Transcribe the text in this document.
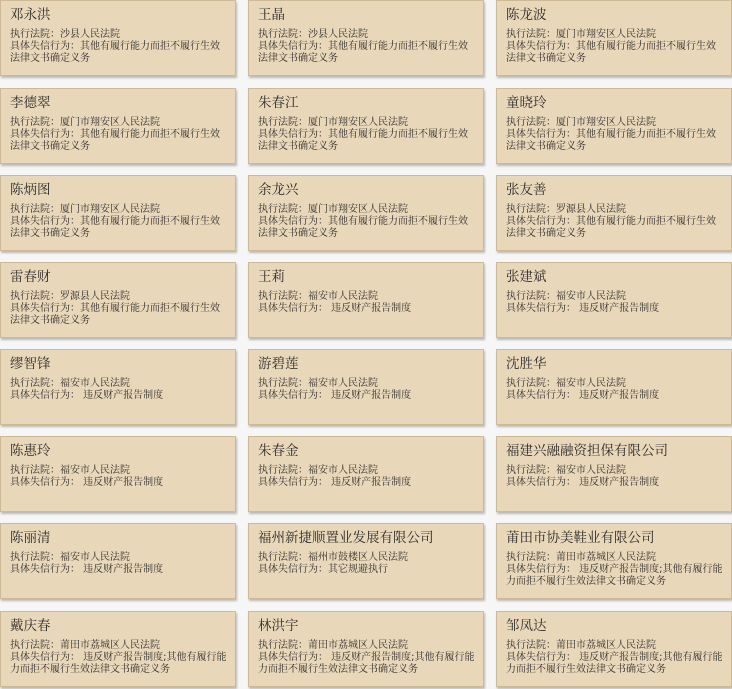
邓永洪
执行法院：沙县人民法院
具体失信行为：其他有履行能力而拒不履行生效法律文书确定义务
王晶
执行法院：沙县人民法院
具体失信行为：其他有履行能力而拒不履行生效法律文书确定义务
陈龙波
执行法院：厦门市翔安区人民法院
具体失信行为：其他有履行能力而拒不履行生效法律文书确定义务
李德翠
执行法院：厦门市翔安区人民法院
具体失信行为：其他有履行能力而拒不履行生效法律文书确定义务
朱春江
执行法院：厦门市翔安区人民法院
具体失信行为：其他有履行能力而拒不履行生效法律文书确定义务
童晓玲
执行法院：厦门市翔安区人民法院
具体失信行为：其他有履行能力而拒不履行生效法律文书确定义务
陈炳图
执行法院：厦门市翔安区人民法院
具体失信行为：其他有履行能力而拒不履行生效法律文书确定义务
余龙兴
执行法院：厦门市翔安区人民法院
具体失信行为：其他有履行能力而拒不履行生效法律文书确定义务
张友善
执行法院：罗源县人民法院
具体失信行为：其他有履行能力而拒不履行生效法律文书确定义务
雷春财
执行法院：罗源县人民法院
具体失信行为：其他有履行能力而拒不履行生效法律文书确定义务
王莉
执行法院：福安市人民法院
具体失信行为： 违反财产报告制度
张建斌
执行法院：福安市人民法院
具体失信行为： 违反财产报告制度
缪智锋
执行法院：福安市人民法院
具体失信行为： 违反财产报告制度
游碧莲
执行法院：福安市人民法院
具体失信行为： 违反财产报告制度
沈胜华
执行法院：福安市人民法院
具体失信行为： 违反财产报告制度
陈惠玲
执行法院：福安市人民法院
具体失信行为： 违反财产报告制度
朱春金
执行法院：福安市人民法院
具体失信行为： 违反财产报告制度
福建兴融融资担保有限公司
执行法院：福安市人民法院
具体失信行为： 违反财产报告制度
陈丽清
执行法院：福安市人民法院
具体失信行为： 违反财产报告制度
福州新捷顺置业发展有限公司
执行法院：福州市鼓楼区人民法院
具体失信行为：其它规避执行
莆田市协美鞋业有限公司
执行法院：莆田市荔城区人民法院
具体失信行为： 违反财产报告制度;其他有履行能力而拒不履行生效法律文书确定义务
戴庆春
执行法院：莆田市荔城区人民法院
具体失信行为： 违反财产报告制度;其他有履行能力而拒不履行生效法律文书确定义务
林洪宇
执行法院：莆田市荔城区人民法院
具体失信行为： 违反财产报告制度;其他有履行能力而拒不履行生效法律文书确定义务
邹凤达
执行法院：莆田市荔城区人民法院
具体失信行为： 违反财产报告制度;其他有履行能力而拒不履行生效法律文书确定义务
